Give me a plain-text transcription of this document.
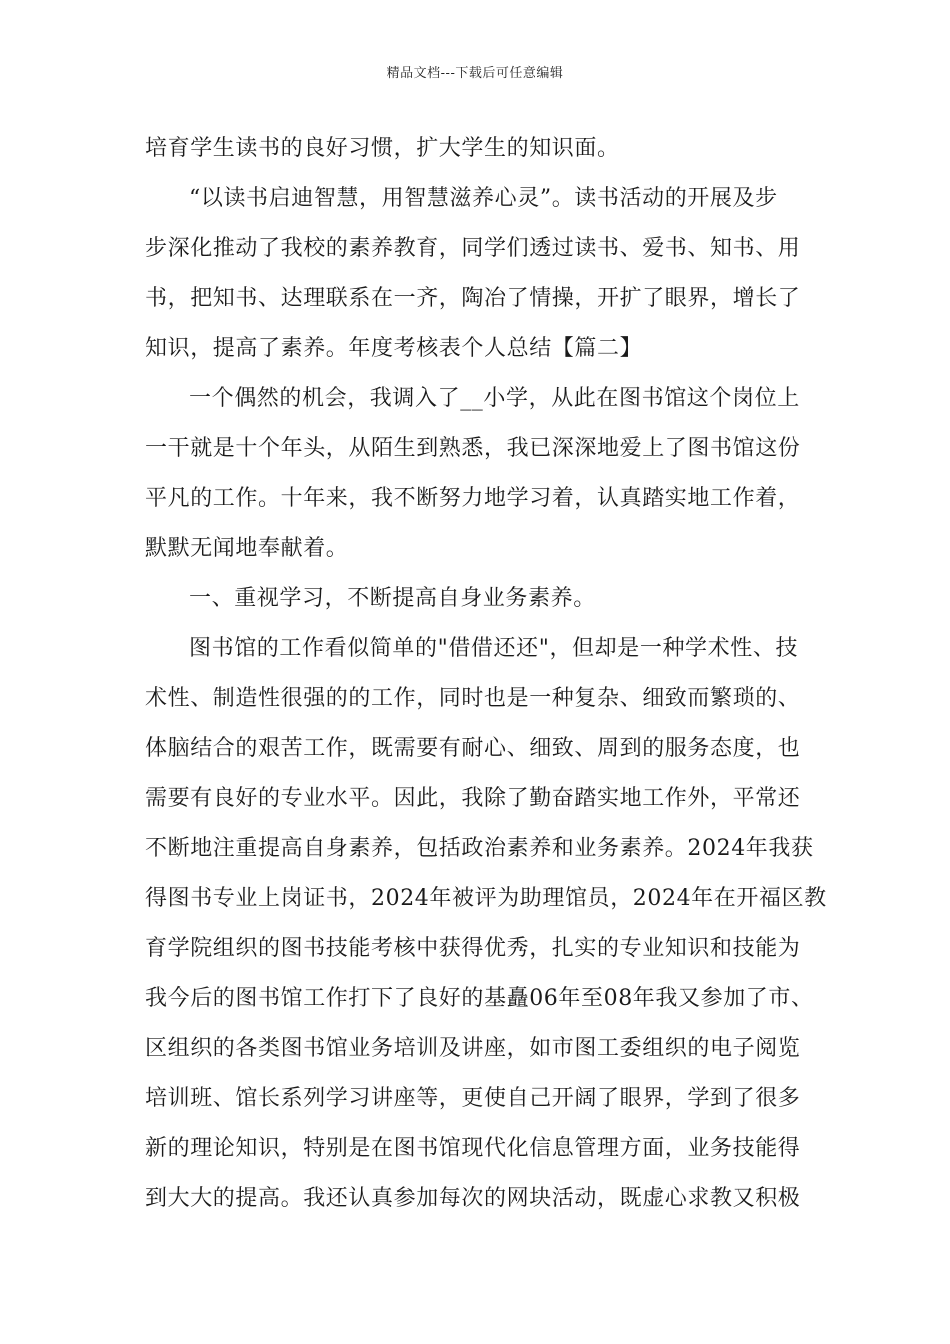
精品文档---下载后可任意编辑
培育学生读书的良好习惯，扩大学生的知识面。
“以读书启迪智慧，用智慧滋养心灵”。读书活动的开展及步
步深化推动了我校的素养教育，同学们透过读书、爱书、知书、用
书，把知书、达理联系在一齐，陶冶了情操，开扩了眼界，增长了
知识，提高了素养。年度考核表个人总结【篇二】
一个偶然的机会，我调入了__小学，从此在图书馆这个岗位上
一干就是十个年头，从陌生到熟悉，我已深深地爱上了图书馆这份
平凡的工作。十年来，我不断努力地学习着，认真踏实地工作着，
默默无闻地奉献着。
一、重视学习，不断提高自身业务素养。
图书馆的工作看似简单的"借借还还"，但却是一种学术性、技
术性、制造性很强的的工作，同时也是一种复杂、细致而繁琐的、
体脑结合的艰苦工作，既需要有耐心、细致、周到的服务态度，也
需要有良好的专业水平。因此，我除了勤奋踏实地工作外，平常还
不断地注重提高自身素养，包括政治素养和业务素养。2024年我获
得图书专业上岗证书，2024年被评为助理馆员，2024年在开福区教
育学院组织的图书技能考核中获得优秀，扎实的专业知识和技能为
我今后的图书馆工作打下了良好的基矗06年至08年我又参加了市、
区组织的各类图书馆业务培训及讲座，如市图工委组织的电子阅览
培训班、馆长系列学习讲座等，更使自己开阔了眼界，学到了很多
新的理论知识，特别是在图书馆现代化信息管理方面，业务技能得
到大大的提高。我还认真参加每次的网块活动，既虚心求教又积极
